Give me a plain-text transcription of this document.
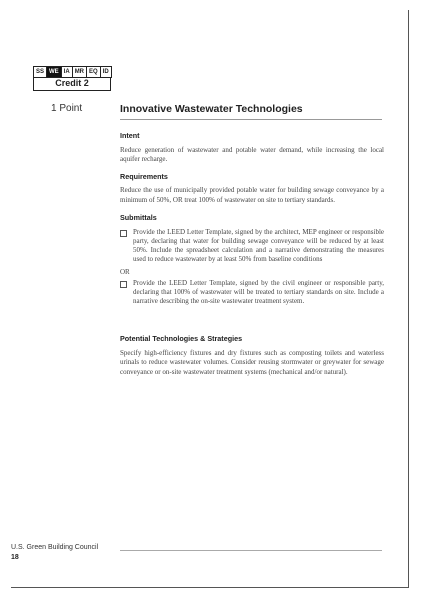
SS WE IA MR EQ ID
Credit 2
1 Point	Innovative Wastewater Technologies
Intent

Reduce generation of wastewater and potable water demand, while increasing the local aquifer recharge.

Requirements

Reduce the use of municipally provided potable water for building sewage conveyance by a minimum of 50%, OR treat 100% of wastewater on site to tertiary standards.

Submittals

Provide the LEED Letter Template, signed by the architect, MEP engineer or responsible party, declaring that water for building sewage conveyance will be reduced by at least 50%. Include the spreadsheet calculation and a narrative demonstrating the measures used to reduce wastewater by at least 50% from baseline conditions

OR

Provide the LEED Letter Template, signed by the civil engineer or responsible party, declaring that 100% of wastewater will be treated to tertiary standards on site. Include a narrative describing the on-site wastewater treatment system.

Potential Technologies & Strategies

Specify high-efficiency fixtures and dry fixtures such as composting toilets and waterless urinals to reduce wastewater volumes. Consider reusing stormwater or greywater for sewage conveyance or on-site wastewater treatment systems (mechanical and/or natural).

U.S. Green Building Council
18
